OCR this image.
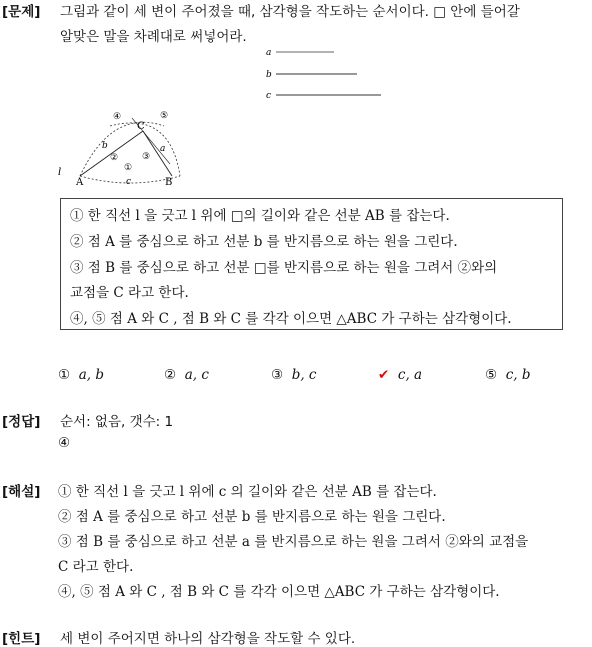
[문제] 그림과 같이 세 변이 주어졌을 때, 삼각형을 작도하는 순서이다. □ 안에 들어갈
알맞은 말을 차례대로 써넣어라.
a
b
c
l
A	B
C
b	a
c
④	⑤
②	③
①
① 한 직선 l 을 긋고 l 위에 □의 길이와 같은 선분 AB 를 잡는다.
② 점 A 를 중심으로 하고 선분 b 를 반지름으로 하는 원을 그린다.
③ 점 B 를 중심으로 하고 선분 □를 반지름으로 하는 원을 그려서 ②와의
교점을 C 라고 한다.
④, ⑤ 점 A 와 C , 점 B 와 C 를 각각 이으면 △ABC 가 구하는 삼각형이다.
① a, b	② a, c	③ b, c	✔ c, a	⑤ c, b
[정답] 순서: 없음, 갯수: 1
④
[해설] ① 한 직선 l 을 긋고 l 위에 c 의 길이와 같은 선분 AB 를 잡는다.
② 점 A 를 중심으로 하고 선분 b 를 반지름으로 하는 원을 그린다.
③ 점 B 를 중심으로 하고 선분 a 를 반지름으로 하는 원을 그려서 ②와의 교점을
C 라고 한다.
④, ⑤ 점 A 와 C , 점 B 와 C 를 각각 이으면 △ABC 가 구하는 삼각형이다.
[힌트] 세 변이 주어지면 하나의 삼각형을 작도할 수 있다.
